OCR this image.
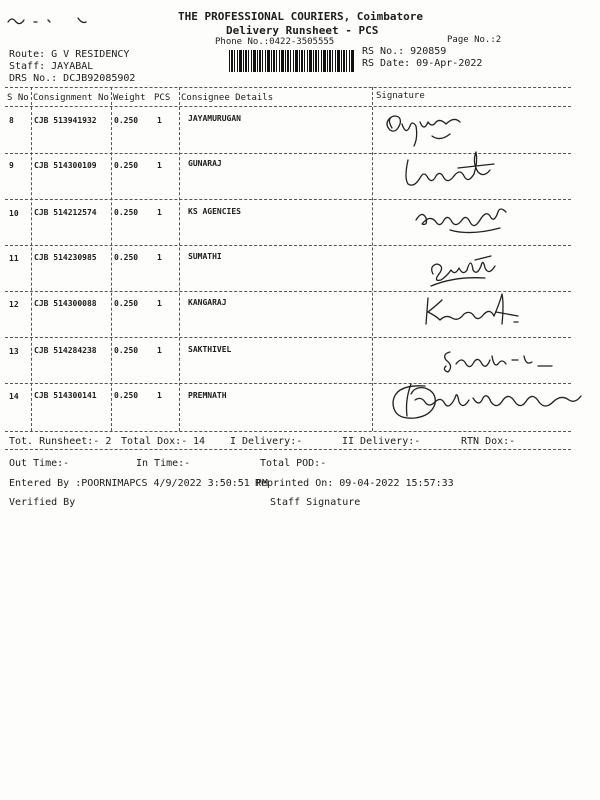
THE PROFESSIONAL COURIERS, Coimbatore
Delivery Runsheet - PCS
Phone No.:0422-3505555	Page No.:2
RS No.: 920859
RS Date: 09-Apr-2022
Route: G V RESIDENCY
Staff: JAYABAL
DRS No.: DCJB92085902
S No Consignment No Weight PCS Consignee Details	Signature
8	CJB 513941932 0.250 1	JAYAMURUGAN
9	CJB 514300109 0.250 1	GUNARAJ
10 CJB 514212574 0.250 1	KS AGENCIES
11 CJB 514230985 0.250 1	SUMATHI
12 CJB 514300088 0.250 1	KANGARAJ
13 CJB 514284238 0.250 1	SAKTHIVEL
14 CJB 514300141 0.250 1	PREMNATH
Tot. Runsheet:- 2 Total Dox:- 14 I Delivery:-	II Delivery:-	RTN Dox:-
Out Time:-	In Time:-	Total POD:-
Entered By :POORNIMAPCS 4/9/2022 3:50:51 PM
Reprinted On: 09-04-2022 15:57:33
Verified By	Staff Signature
